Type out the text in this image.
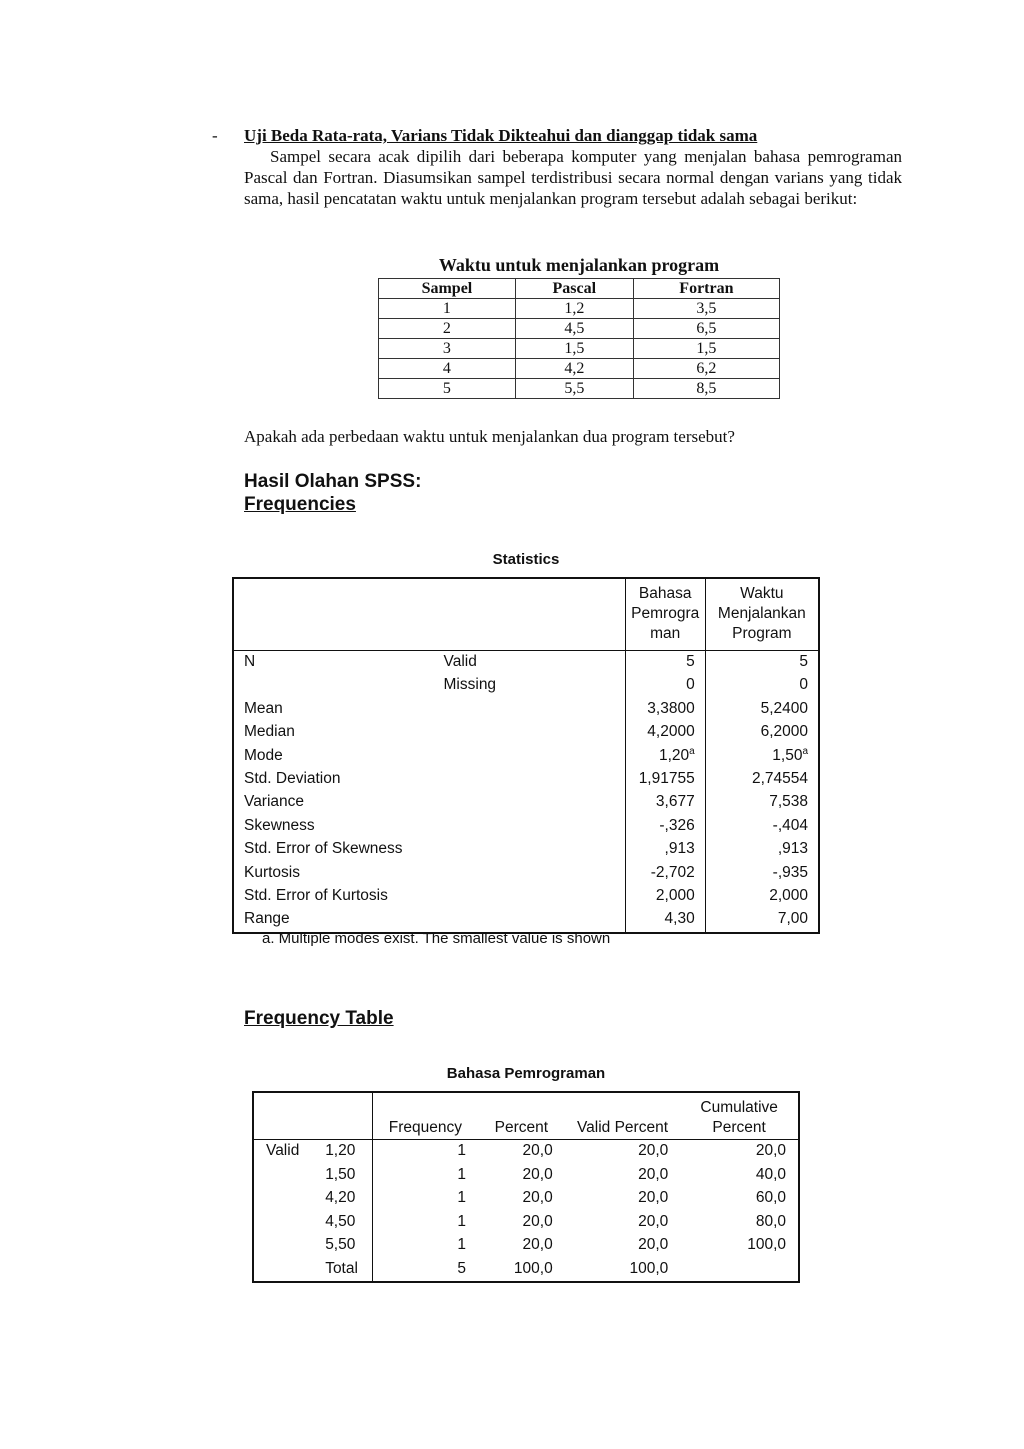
- Uji Beda Rata-rata, Varians Tidak Dikteahui dan dianggap tidak sama
Sampel secara acak dipilih dari beberapa komputer yang menjalan bahasa pemrograman Pascal dan Fortran. Diasumsikan sampel terdistribusi secara normal dengan varians yang tidak sama, hasil pencatatan waktu untuk menjalankan program tersebut adalah sebagai berikut:
Waktu untuk menjalankan program
Sampel	Pascal	Fortran
1	1,2	3,5
2	4,5	6,5
3	1,5	1,5
4	4,2	6,2
5	5,5	8,5
Apakah ada perbedaan waktu untuk menjalankan dua program tersebut?
Hasil Olahan SPSS:
Frequencies
Statistics
		Bahasa Pemrogra man	Waktu Menjalankan Program
N	Valid	5	5
	Missing	0	0
Mean		3,3800	5,2400
Median		4,2000	6,2000
Mode		1,20$^a$	1,50$^a$
Std. Deviation		1,91755	2,74554
Variance		3,677	7,538
Skewness		-,326	-,404
Std. Error of Skewness		,913	,913
Kurtosis		-2,702	-,935
Std. Error of Kurtosis		2,000	2,000
Range		4,30	7,00
a. Multiple modes exist. The smallest value is shown
Frequency Table
Bahasa Pemrograman
		Frequency	Percent	Valid Percent	Cumulative Percent
Valid	1,20	1	20,0	20,0	20,0
	1,50	1	20,0	20,0	40,0
	4,20	1	20,0	20,0	60,0
	4,50	1	20,0	20,0	80,0
	5,50	1	20,0	20,0	100,0
	Total	5	100,0	100,0	
